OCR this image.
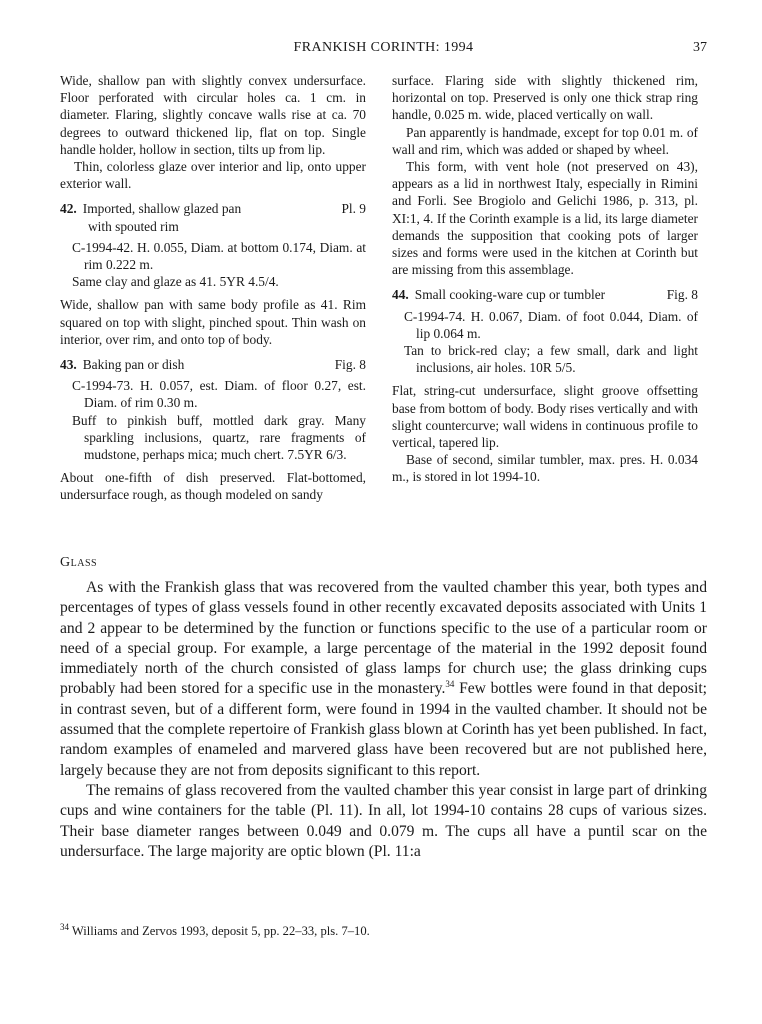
FRANKISH CORINTH: 1994	37

Wide, shallow pan with slightly convex undersurface. Floor perforated with circular holes ca. 1 cm. in diameter. Flaring, slightly concave walls rise at ca. 70 degrees to outward thickened lip, flat on top. Single handle holder, hollow in section, tilts up from lip.

Thin, colorless glaze over interior and lip, onto upper exterior wall.

42. Imported, shallow glazed pan
with spouted rim
Pl. 9

C-1994-42. H. 0.055, Diam. at bottom 0.174, Diam. at rim 0.222 m.

Same clay and glaze as 41. 5YR 4.5/4.

Wide, shallow pan with same body profile as 41. Rim squared on top with slight, pinched spout. Thin wash on interior, over rim, and onto top of body.

43. Baking pan or dish	Fig. 8

C-1994-73. H. 0.057, est. Diam. of floor 0.27, est. Diam. of rim 0.30 m.

Buff to pinkish buff, mottled dark gray. Many sparkling inclusions, quartz, rare fragments of mudstone, perhaps mica; much chert. 7.5YR 6/3.

About one-fifth of dish preserved. Flat-bottomed, undersurface rough, as though modeled on sandy

surface. Flaring side with slightly thickened rim, horizontal on top. Preserved is only one thick strap ring handle, 0.025 m. wide, placed vertically on wall.

Pan apparently is handmade, except for top 0.01 m. of wall and rim, which was added or shaped by wheel.

This form, with vent hole (not preserved on 43), appears as a lid in northwest Italy, especially in Rimini and Forli. See Brogiolo and Gelichi 1986, p. 313, pl. XI:1, 4. If the Corinth example is a lid, its large diameter demands the supposition that cooking pots of larger sizes and forms were used in the kitchen at Corinth but are missing from this assemblage.

44. Small cooking-ware cup or tumbler	Fig. 8

C-1994-74. H. 0.067, Diam. of foot 0.044, Diam. of lip 0.064 m.

Tan to brick-red clay; a few small, dark and light inclusions, air holes. 10R 5/5.

Flat, string-cut undersurface, slight groove offsetting base from bottom of body. Body rises vertically and with slight countercurve; wall widens in continuous profile to vertical, tapered lip.

Base of second, similar tumbler, max. pres. H. 0.034 m., is stored in lot 1994-10.

Glass

As with the Frankish glass that was recovered from the vaulted chamber this year, both types and percentages of types of glass vessels found in other recently excavated deposits associated with Units 1 and 2 appear to be determined by the function or functions specific to the use of a particular room or need of a special group. For example, a large percentage of the material in the 1992 deposit found immediately north of the church consisted of glass lamps for church use; the glass drinking cups probably had been stored for a specific use in the monastery.$^{34}$ Few bottles were found in that deposit; in contrast seven, but of a different form, were found in 1994 in the vaulted chamber. It should not be assumed that the complete repertoire of Frankish glass blown at Corinth has yet been published. In fact, random examples of enameled and marvered glass have been recovered but are not published here, largely because they are not from deposits significant to this report.

The remains of glass recovered from the vaulted chamber this year consist in large part of drinking cups and wine containers for the table (Pl. 11). In all, lot 1994-10 contains 28 cups of various sizes. Their base diameter ranges between 0.049 and 0.079 m. The cups all have a puntil scar on the undersurface. The large majority are optic blown (Pl. 11:a

$^{34}$ Williams and Zervos 1993, deposit 5, pp. 22–33, pls. 7–10.
